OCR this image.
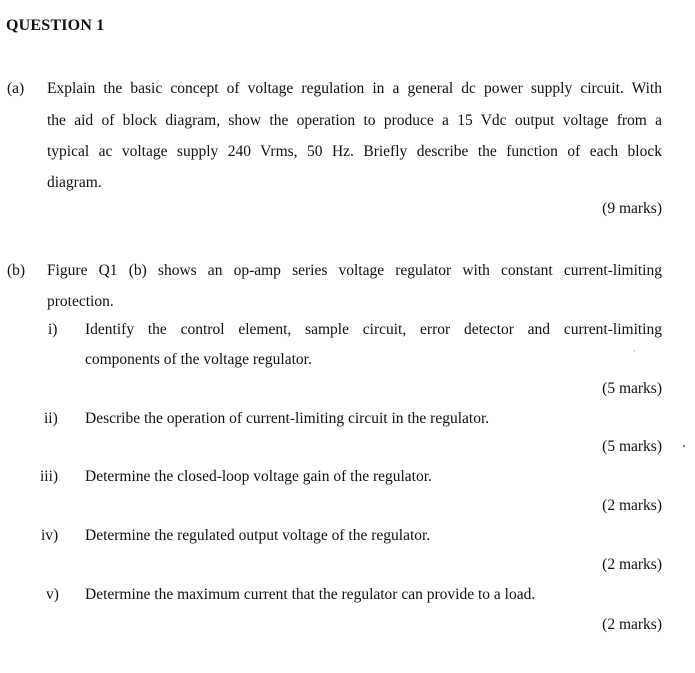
QUESTION 1
(a) Explain the basic concept of voltage regulation in a general dc power supply circuit. With
the aid of block diagram, show the operation to produce a 15 Vdc output voltage from a
typical ac voltage supply 240 Vrms, 50 Hz. Briefly describe the function of each block
diagram.
(9 marks)
(b) Figure Q1 (b) shows an op-amp series voltage regulator with constant current-limiting
protection.
i) Identify the control element, sample circuit, error detector and current-limiting
components of the voltage regulator.
(5 marks)
ii) Describe the operation of current-limiting circuit in the regulator.
(5 marks)
iii) Determine the closed-loop voltage gain of the regulator.
(2 marks)
iv) Determine the regulated output voltage of the regulator.
(2 marks)
v) Determine the maximum current that the regulator can provide to a load.
(2 marks)
